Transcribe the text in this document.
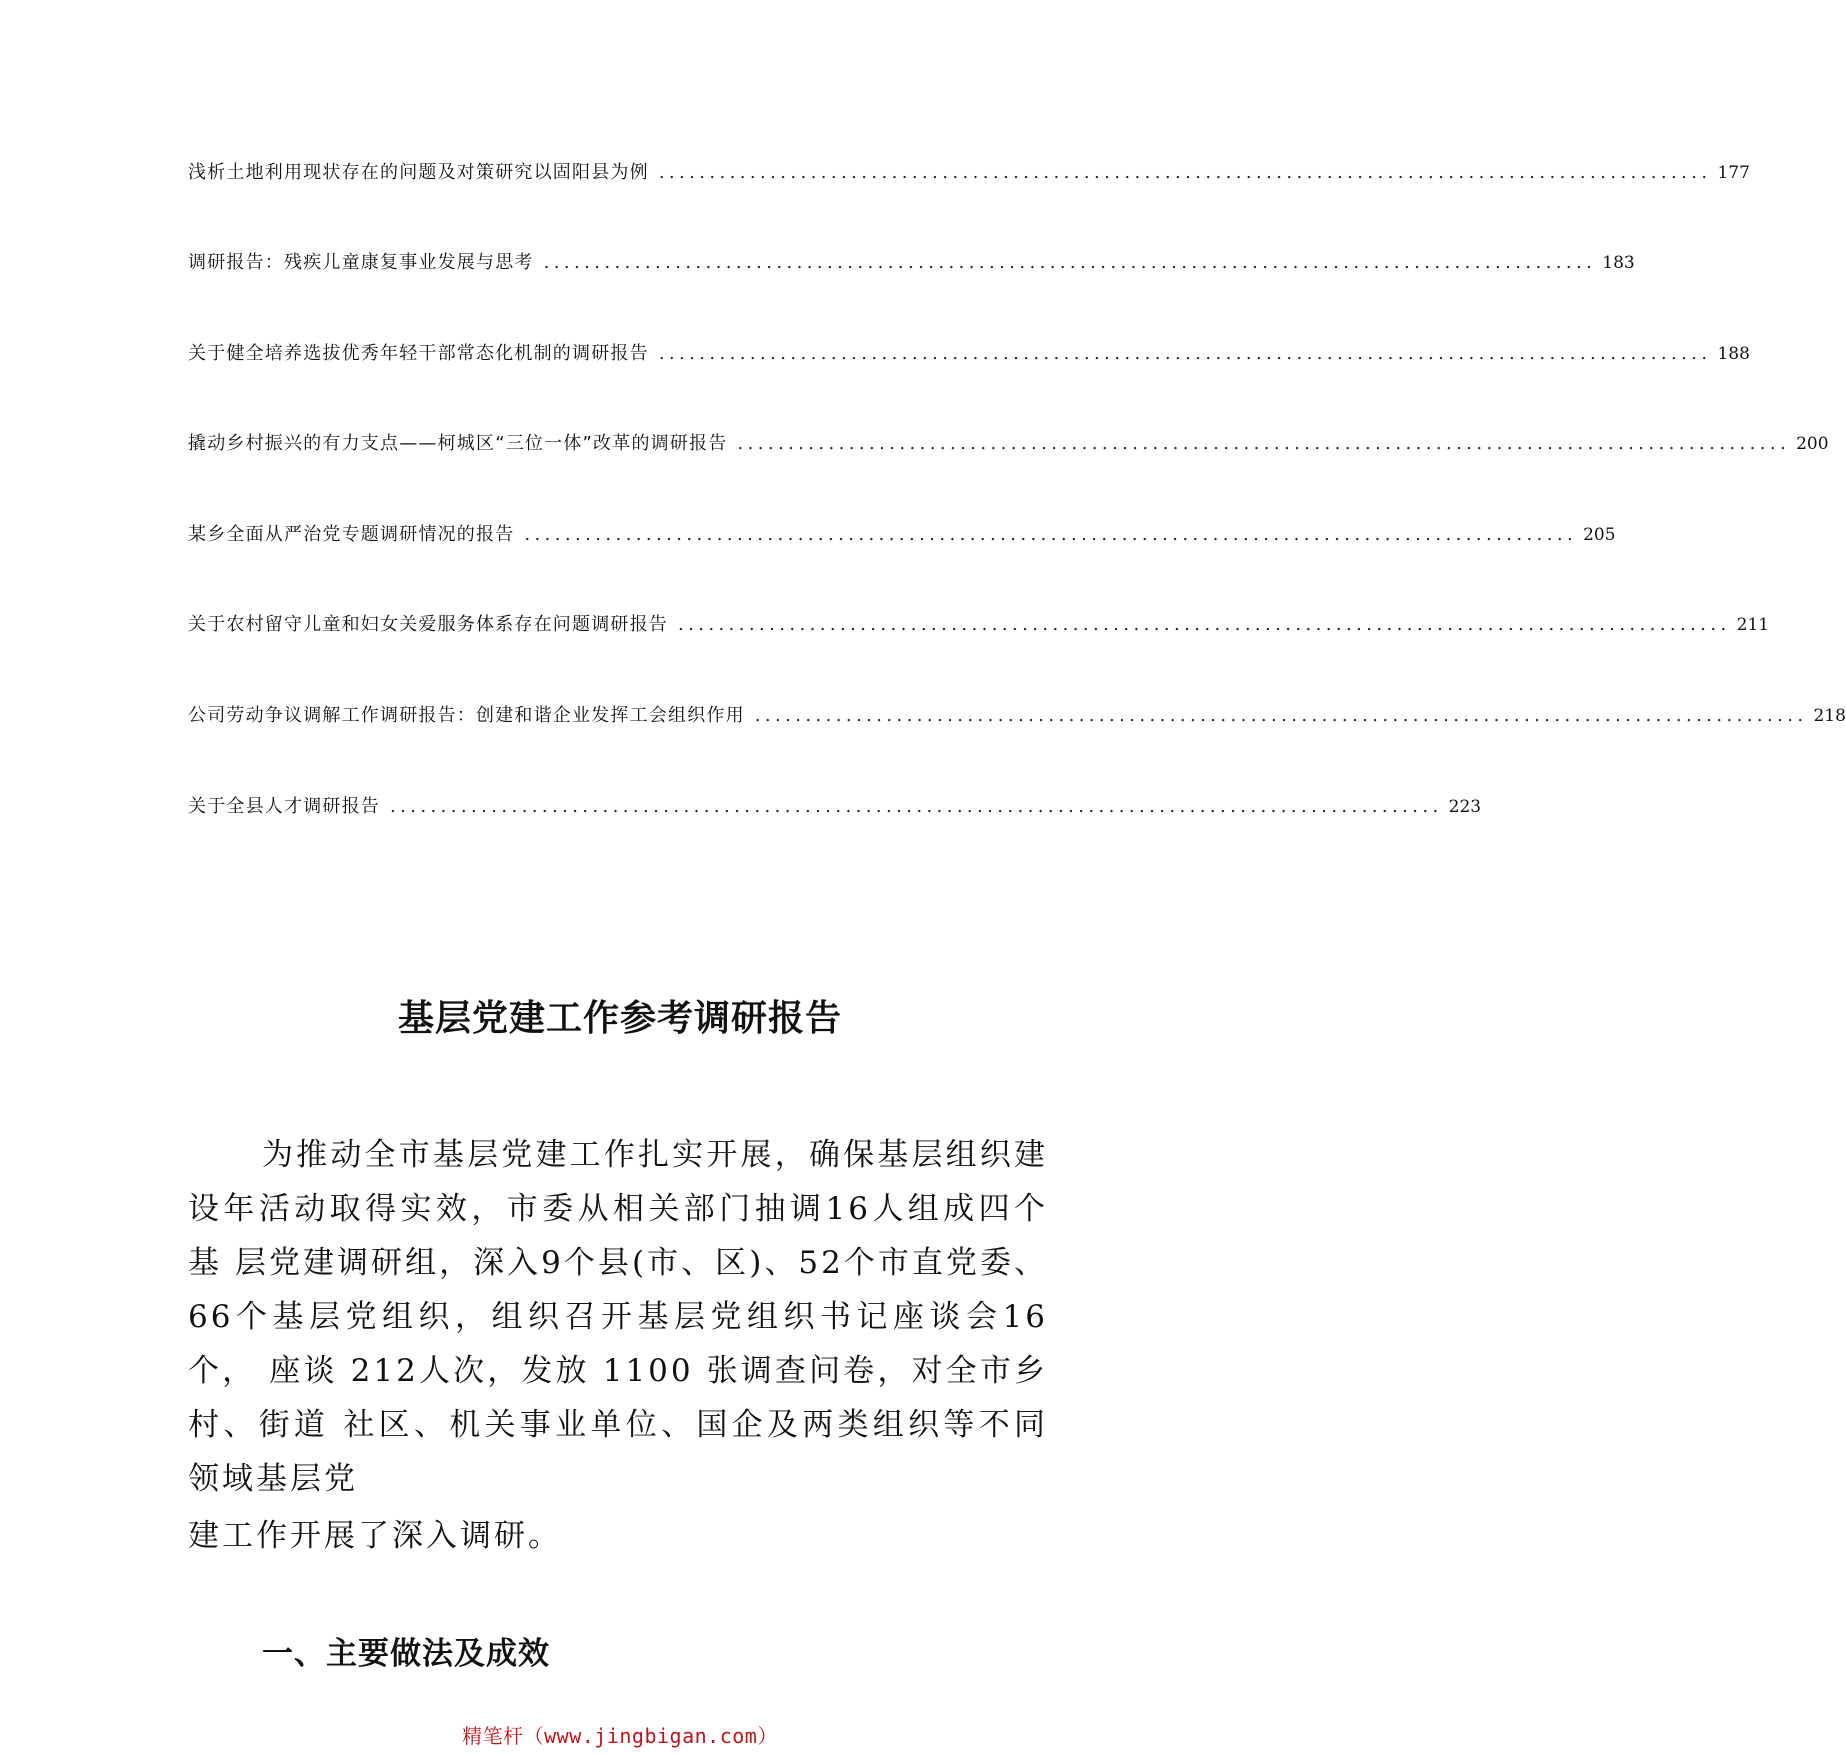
浅析土地利用现状存在的问题及对策研究以固阳县为例 ........................................................................................................ 177
调研报告：残疾儿童康复事业发展与思考 ........................................................................................................ 183
关于健全培养选拔优秀年轻干部常态化机制的调研报告 ........................................................................................................ 188
撬动乡村振兴的有力支点——柯城区“三位一体”改革的调研报告 ........................................................................................................ 200
某乡全面从严治党专题调研情况的报告 ........................................................................................................ 205
关于农村留守儿童和妇女关爱服务体系存在问题调研报告 ........................................................................................................ 211
公司劳动争议调解工作调研报告：创建和谐企业发挥工会组织作用 ........................................................................................................ 218
关于全县人才调研报告 ........................................................................................................ 223
基层党建工作参考调研报告
为推动全市基层党建工作扎实开展，确保基层组织建设年活动取得实效，市委从相关部门抽调16人组成四个基 层党建调研组，深入9个县(市、区)、52个市直党委、 66个基层党组织，组织召开基层党组织书记座谈会16个， 座谈 212人次，发放 1100 张调查问卷，对全市乡村、街道 社区、机关事业单位、国企及两类组织等不同领域基层党
建工作开展了深入调研。
一、主要做法及成效
精笔杆（www.jingbigan.com）
